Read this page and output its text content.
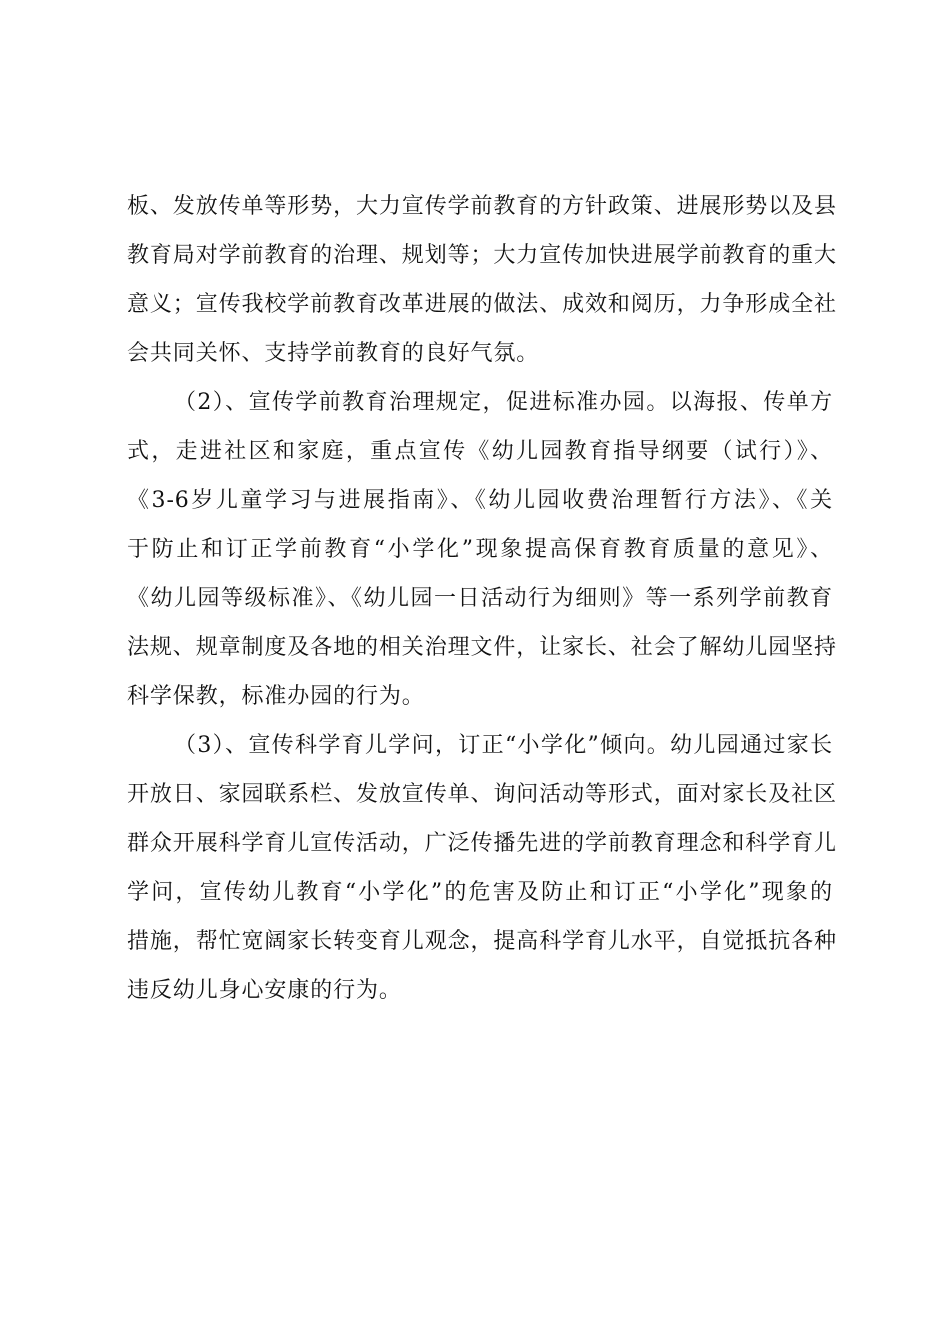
板、发放传单等形势，大力宣传学前教育的方针政策、进展形势以及县
教育局对学前教育的治理、规划等；大力宣传加快进展学前教育的重大
意义；宣传我校学前教育改革进展的做法、成效和阅历，力争形成全社
会共同关怀、支持学前教育的良好气氛。
（2）、宣传学前教育治理规定，促进标准办园。以海报、传单方
式，走进社区和家庭，重点宣传《幼儿园教育指导纲要（试行）》、
《3-6岁儿童学习与进展指南》、《幼儿园收费治理暂行方法》、《关
于防止和订正学前教育“小学化”现象提高保育教育质量的意见》、
《幼儿园等级标准》、《幼儿园一日活动行为细则》等一系列学前教育
法规、规章制度及各地的相关治理文件，让家长、社会了解幼儿园坚持
科学保教，标准办园的行为。
（3）、宣传科学育儿学问，订正“小学化”倾向。幼儿园通过家长
开放日、家园联系栏、发放宣传单、询问活动等形式，面对家长及社区
群众开展科学育儿宣传活动，广泛传播先进的学前教育理念和科学育儿
学问，宣传幼儿教育“小学化”的危害及防止和订正“小学化”现象的
措施，帮忙宽阔家长转变育儿观念，提高科学育儿水平，自觉抵抗各种
违反幼儿身心安康的行为。
